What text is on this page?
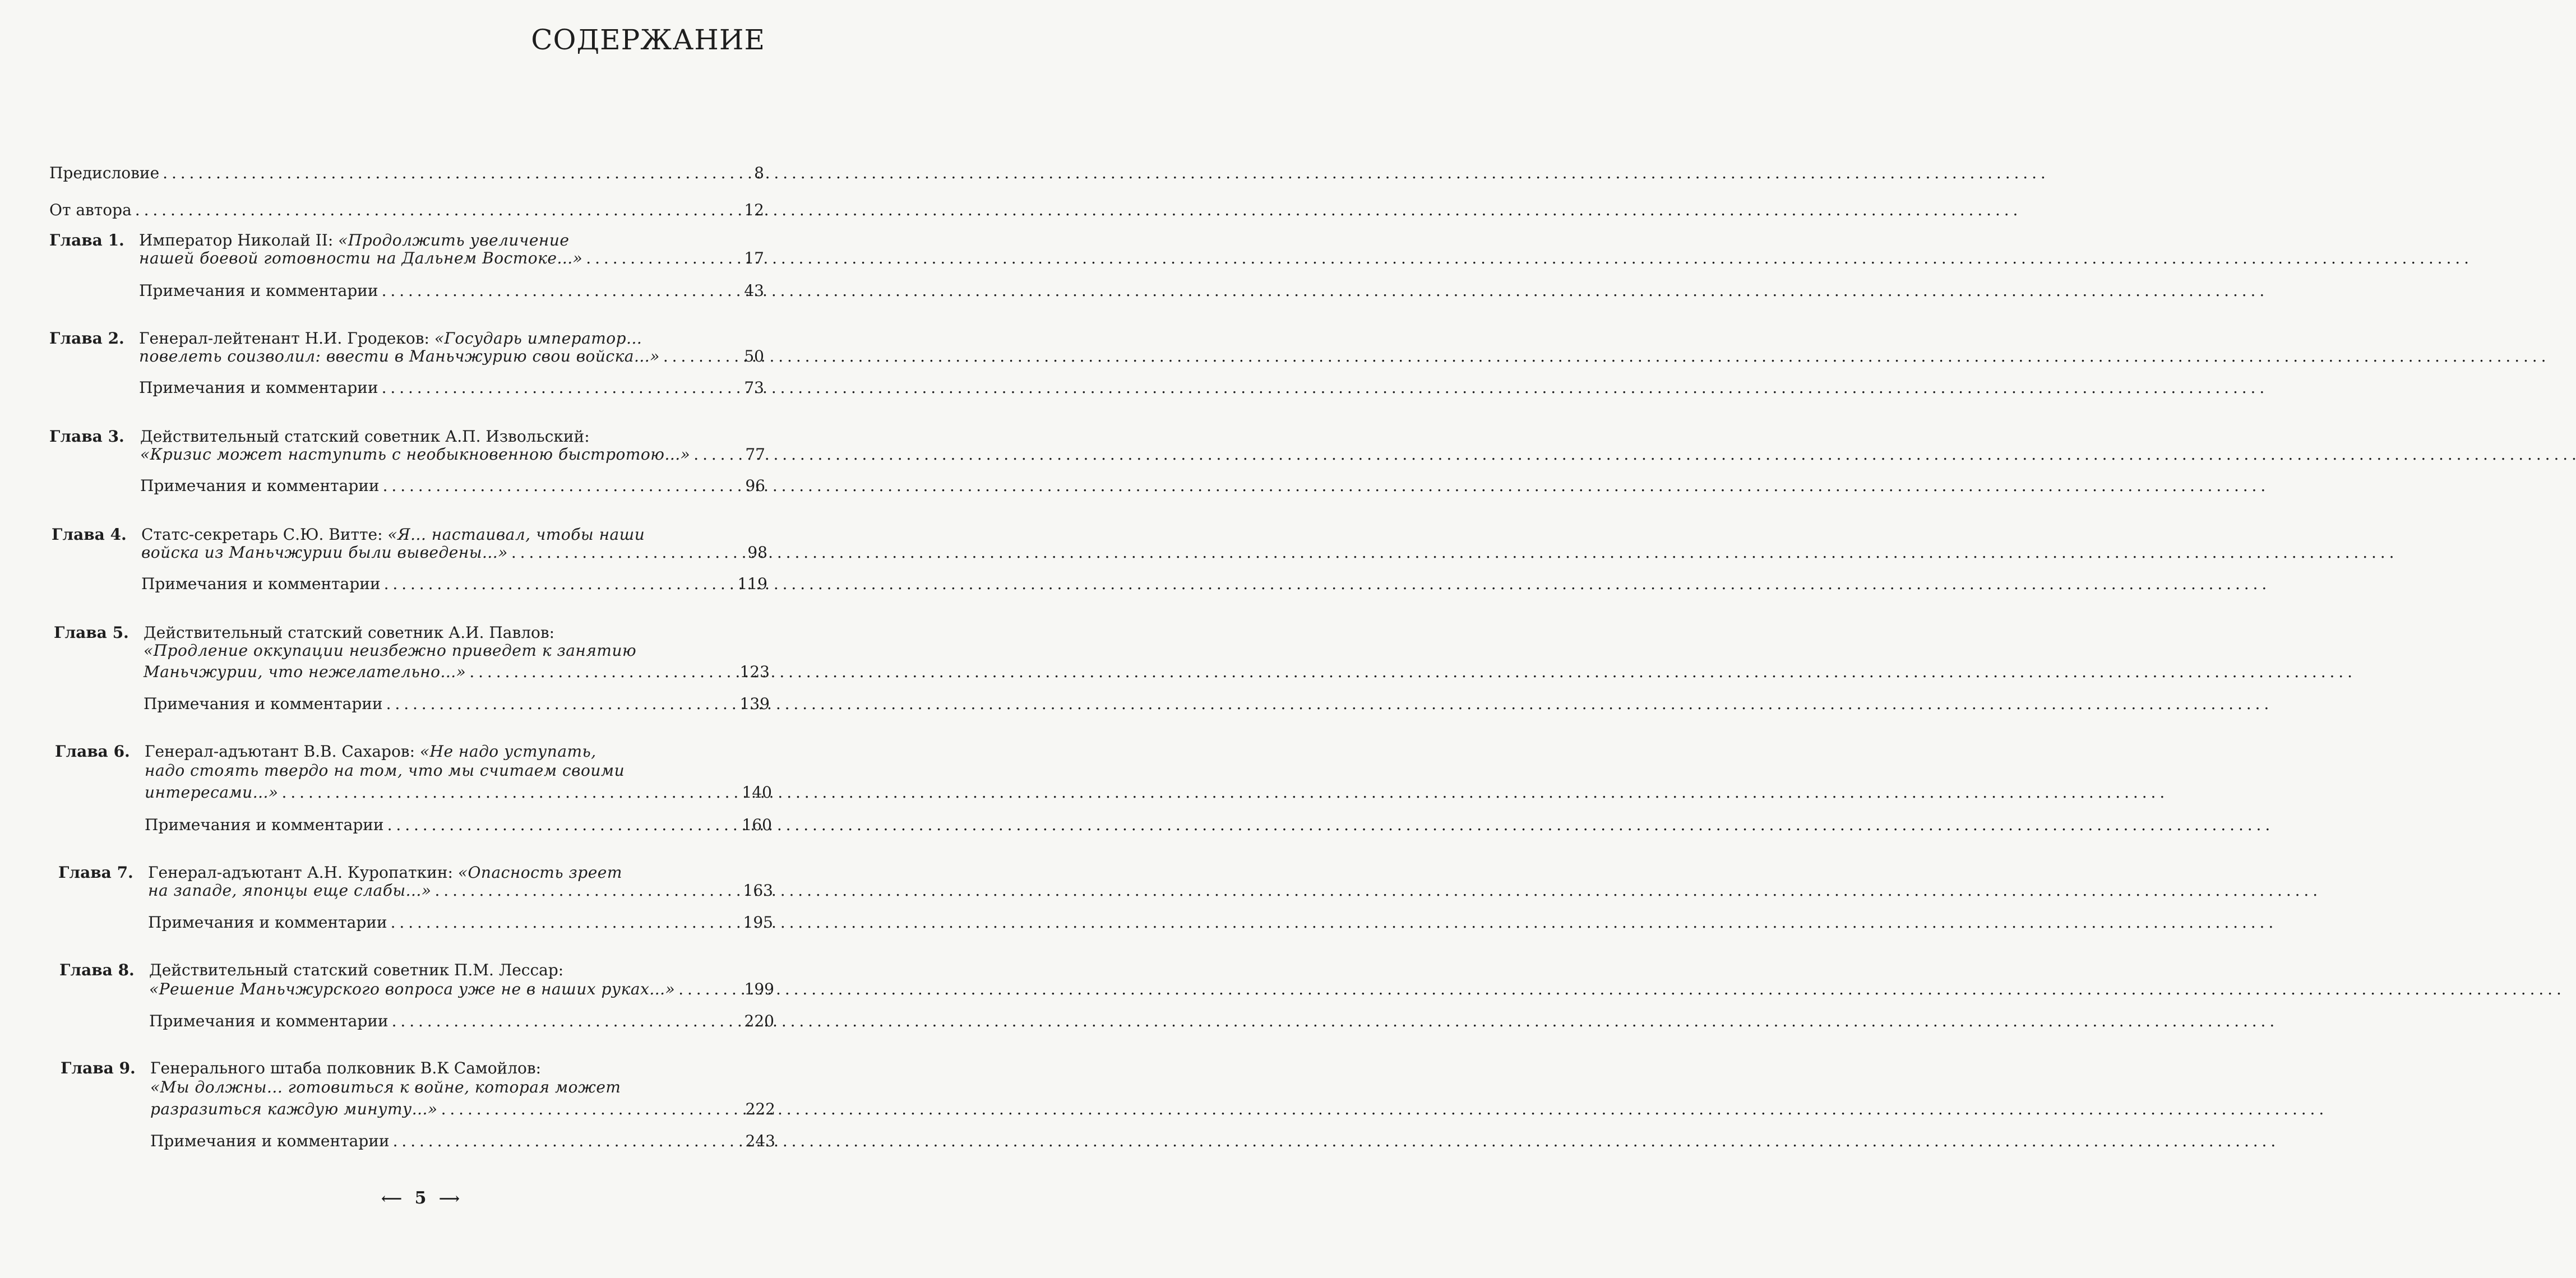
СОДЕРЖАНИЕ
Предисловие . . .	8
От автора . . .	12
Глава 1. Император Николай II: «Продолжить увеличение
нашей боевой готовности на Дальнем Востоке...» . . .	17
Примечания и комментарии . . .	43
Глава 2. Генерал-лейтенант Н.И. Гродеков: «Государь император...
повелеть соизволил: ввести в Маньчжурию свои войска...» . . .	50
Примечания и комментарии . . .	73
Глава 3. Действительный статский советник А.П. Извольский:
«Кризис может наступить с необыкновенною быстротою...» . . .	77
Примечания и комментарии . . .	96
Глава 4. Статс-секретарь С.Ю. Витте: «Я... настаивал, чтобы наши
войска из Маньчжурии были выведены...» . . .	98
Примечания и комментарии . . .	119
Глава 5. Действительный статский советник А.И. Павлов:
«Продление оккупации неизбежно приведет к занятию
Маньчжурии, что нежелательно...» . . .	123
Примечания и комментарии . . .	139
Глава 6. Генерал-адъютант В.В. Сахаров: «Не надо уступать,
надо стоять твердо на том, что мы считаем своими
интересами...» . . .	140
Примечания и комментарии . . .	160
Глава 7. Генерал-адъютант А.Н. Куропаткин: «Опасность зреет
на западе, японцы еще слабы...» . . .	163
Примечания и комментарии . . .	195
Глава 8. Действительный статский советник П.М. Лессар:
«Решение Маньчжурского вопроса уже не в наших руках...» . . .	199
Примечания и комментарии . . .	220
Глава 9. Генерального штаба полковник В.К Самойлов:
«Мы должны... готовиться к войне, которая может
разразиться каждую минуту...» . . .	222
Примечания и комментарии . . .	243
⟵ 5 ⟶
